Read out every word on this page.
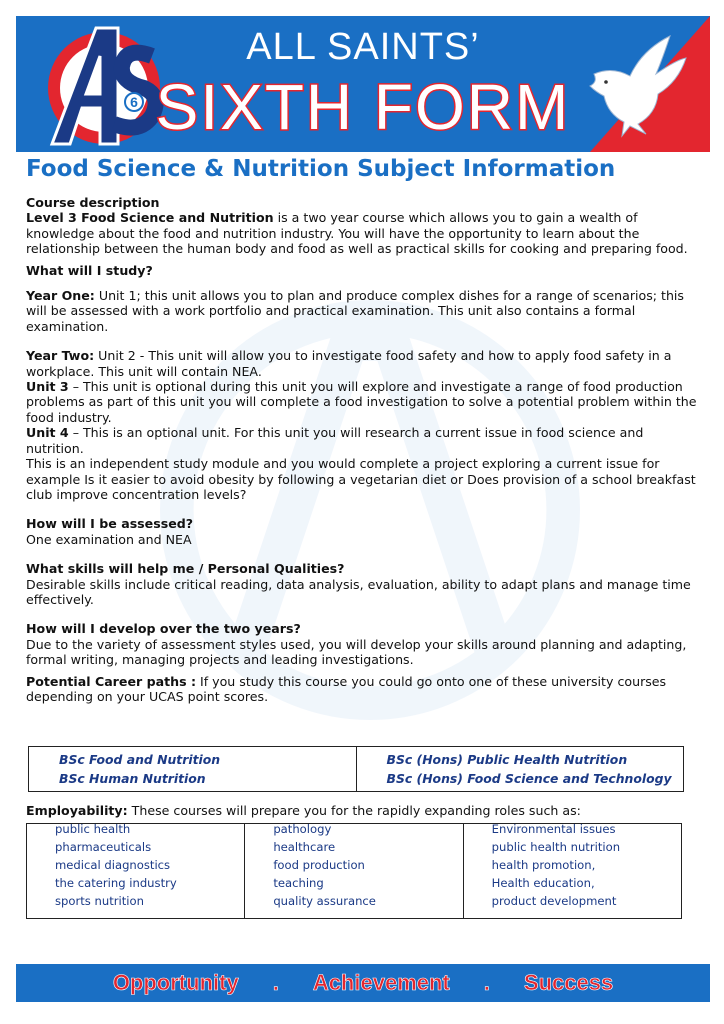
6
ALL SAINTS’
SIXTH FORM
Food Science & Nutrition Subject Information

Course description

Level 3 Food Science and Nutrition is a two year course which allows you to gain a wealth of knowledge about the food and nutrition industry. You will have the opportunity to learn about the relationship between the human body and food as well as practical skills for cooking and preparing food.

What will I study?

Year One: Unit 1; this unit allows you to plan and produce complex dishes for a range of scenarios; this will be assessed with a work portfolio and practical examination. This unit also contains a formal examination.

Year Two: Unit 2 - This unit will allow you to investigate food safety and how to apply food safety in a workplace. This unit will contain NEA.

Unit 3 – This unit is optional during this unit you will explore and investigate a range of food production problems as part of this unit you will complete a food investigation to solve a potential problem within the food industry.

Unit 4 – This is an optional unit. For this unit you will research a current issue in food science and nutrition.

This is an independent study module and you would complete a project exploring a current issue for example Is it easier to avoid obesity by following a vegetarian diet or Does provision of a school breakfast club improve concentration levels?

How will I be assessed?

One examination and NEA

What skills will help me / Personal Qualities?

Desirable skills include critical reading, data analysis, evaluation, ability to adapt plans and manage time effectively.

How will I develop over the two years?

Due to the variety of assessment styles used, you will develop your skills around planning and adapting, formal writing, managing projects and leading investigations.

Potential Career paths : If you study this course you could go onto one of these university courses depending on your UCAS point scores.

BSc Food and Nutrition
BSc Human Nutrition
BSc (Hons) Public Health Nutrition
BSc (Hons) Food Science and Technology
Employability: These courses will prepare you for the rapidly expanding roles such as:
public health
pharmaceuticals
medical diagnostics
the catering industry
sports nutrition
pathology
healthcare
food production
teaching
quality assurance
Environmental issues
public health nutrition
health promotion,
Health education,
product development
Opportunity . Achievement . Success
